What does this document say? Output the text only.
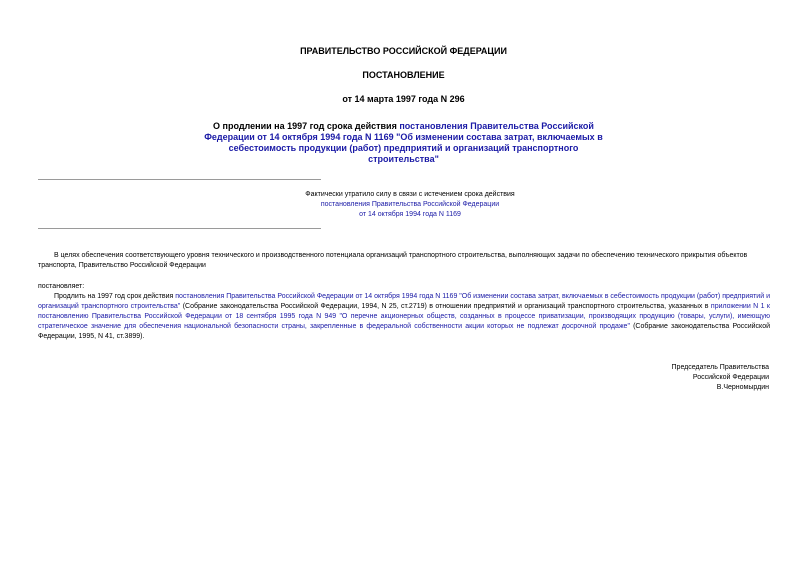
ПРАВИТЕЛЬСТВО РОССИЙСКОЙ ФЕДЕРАЦИИ
ПОСТАНОВЛЕНИЕ
от 14 марта 1997 года N 296
О продлении на 1997 год срока действия постановления Правительства Российской Федерации от 14 октября 1994 года N 1169 "Об изменении состава затрат, включаемых в себестоимость продукции (работ) предприятий и организаций транспортного строительства"
Фактически утратило силу в связи с истечением срока действия
постановления Правительства Российской Федерации
от 14 октября 1994 года N 1169
В целях обеспечения соответствующего уровня технического и производственного потенциала организаций транспортного строительства, выполняющих задачи по обеспечению технического прикрытия объектов транспорта, Правительство Российской Федерации
постановляет:
Продлить на 1997 год срок действия постановления Правительства Российской Федерации от 14 октября 1994 года N 1169 "Об изменении состава затрат, включаемых в себестоимость продукции (работ) предприятий и организаций транспортного строительства" (Собрание законодательства Российской Федерации, 1994, N 25, ст.2719) в отношении предприятий и организаций транспортного строительства, указанных в приложении N 1 к постановлению Правительства Российской Федерации от 18 сентября 1995 года N 949 "О перечне акционерных обществ, созданных в процессе приватизации, производящих продукцию (товары, услуги), имеющую стратегическое значение для обеспечения национальной безопасности страны, закрепленные в федеральной собственности акции которых не подлежат досрочной продаже" (Собрание законодательства Российской Федерации, 1995, N 41, ст.3899).
Председатель Правительства
Российской Федерации
В.Черномырдин
